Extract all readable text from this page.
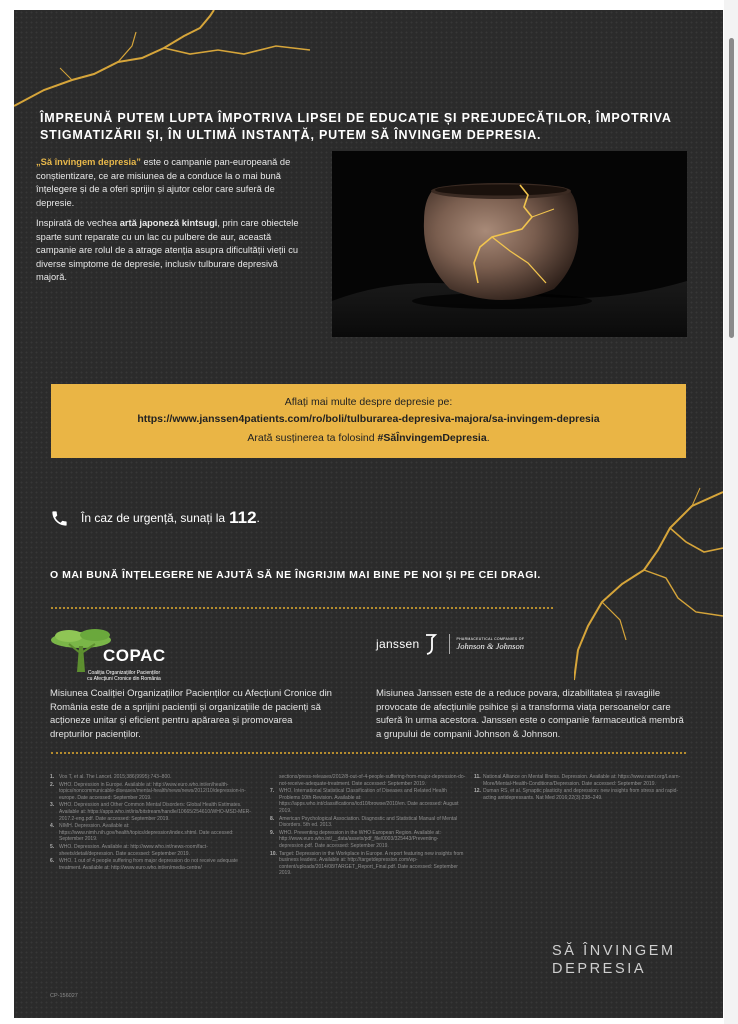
ÎMPREUNĂ PUTEM LUPTA ÎMPOTRIVA LIPSEI DE EDUCAȚIE ȘI PREJUDECĂȚILOR, ÎMPOTRIVA STIGMATIZĂRII ȘI, ÎN ULTIMĂ INSTANȚĂ, PUTEM SĂ ÎNVINGEM DEPRESIA.

„Să învingem depresia” este o campanie pan-europeană de conștientizare, ce are misiunea de a conduce la o mai bună înțelegere și de a oferi sprijin și ajutor celor care suferă de depresie.

Inspirată de vechea artă japoneză kintsugi, prin care obiectele sparte sunt reparate cu un lac cu pulbere de aur, această campanie are rolul de a atrage atenția asupra dificultății vieții cu diverse simptome de depresie, inclusiv tulburare depresivă majoră.

Aflați mai multe despre depresie pe:
https://www.janssen4patients.com/ro/boli/tulburarea-depresiva-majora/sa-invingem-depresia
Arată susținerea ta folosind #SăÎnvingemDepresia.
În caz de urgență, sunați la 112 .

O MAI BUNĂ ÎNȚELEGERE NE AJUTĂ SĂ NE ÎNGRIJIM MAI BINE PE NOI ȘI PE CEI DRAGI.

COPAC
Coaliția Organizațiilor Pacienților
cu Afecțiuni Cronice din România
Misiunea Coaliției Organizațiilor Pacienților cu Afecțiuni Cronice din România este de a sprijini pacienții și organizațiile de pacienți să acționeze unitar și eficient pentru apărarea și promovarea drepturilor pacienților.
janssen	PHARMACEUTICAL COMPANIES OF
Johnson & Johnson
Misiunea Janssen este de a reduce povara, dizabilitatea și ravagiile provocate de afecțiunile psihice și a transforma viața persoanelor care suferă în urma acestora. Janssen este o companie farmaceutică membră a grupului de companii Johnson & Johnson.
1. Vos T, et al. The Lancet. 2015;386(9995):743–800.
2. WHO. Depression in Europe. Available at: http://www.euro.who.int/en/health-topics/noncommunicable-diseases/mental-health/news/news/2012/10/depression-in-europe. Date accessed: September 2019.
3. WHO. Depression and Other Common Mental Disorders: Global Health Estimates. Available at: https://apps.who.int/iris/bitstream/handle/10665/254610/WHO-MSD-MER-2017.2-eng.pdf. Date accessed: September 2019.
4. NIMH. Depression. Available at: https://www.nimh.nih.gov/health/topics/depression/index.shtml. Date accessed: September 2019.
5. WHO. Depression. Available at: http://www.who.int/news-room/fact-sheets/detail/depression. Date accessed: September 2019.
6. WHO. 1 out of 4 people suffering from major depression do not receive adequate treatment. Available at: http://www.euro.who.int/en/media-centre/
sections/press-releases/2012/8-out-of-4-people-suffering-from-major-depression-do-not-receive-adequate-treatment. Date accessed: September 2019.
7. WHO. International Statistical Classification of Diseases and Related Health Problems 10th Revision. Available at: https://apps.who.int/classifications/icd10/browse/2010/en. Date accessed: August 2019.
8. American Psychological Association. Diagnostic and Statistical Manual of Mental Disorders. 5th ed. 2013.
9. WHO. Preventing depression in the WHO European Region. Available at: http://www.euro.who.int/__data/assets/pdf_file/0003/325443/Preventing-depression.pdf. Date accessed: September 2019.
10. Target: Depression in the Workplace in Europe. A report featuring new insights from business leaders. Available at: http://targetdepression.com/wp-content/uploads/2014/08/TARGET_Report_Final.pdf. Date accessed: September 2019.
11. National Alliance on Mental Illness. Depression. Available at: https://www.nami.org/Learn-More/Mental-Health-Conditions/Depression. Date accessed: September 2019.
12. Duman RS, et al. Synaptic plasticity and depression: new insights from stress and rapid-acting antidepressants. Nat Med 2016;22(3):238–249.
SĂ ÎNVINGEM
DEPRESIA
CP-156027
